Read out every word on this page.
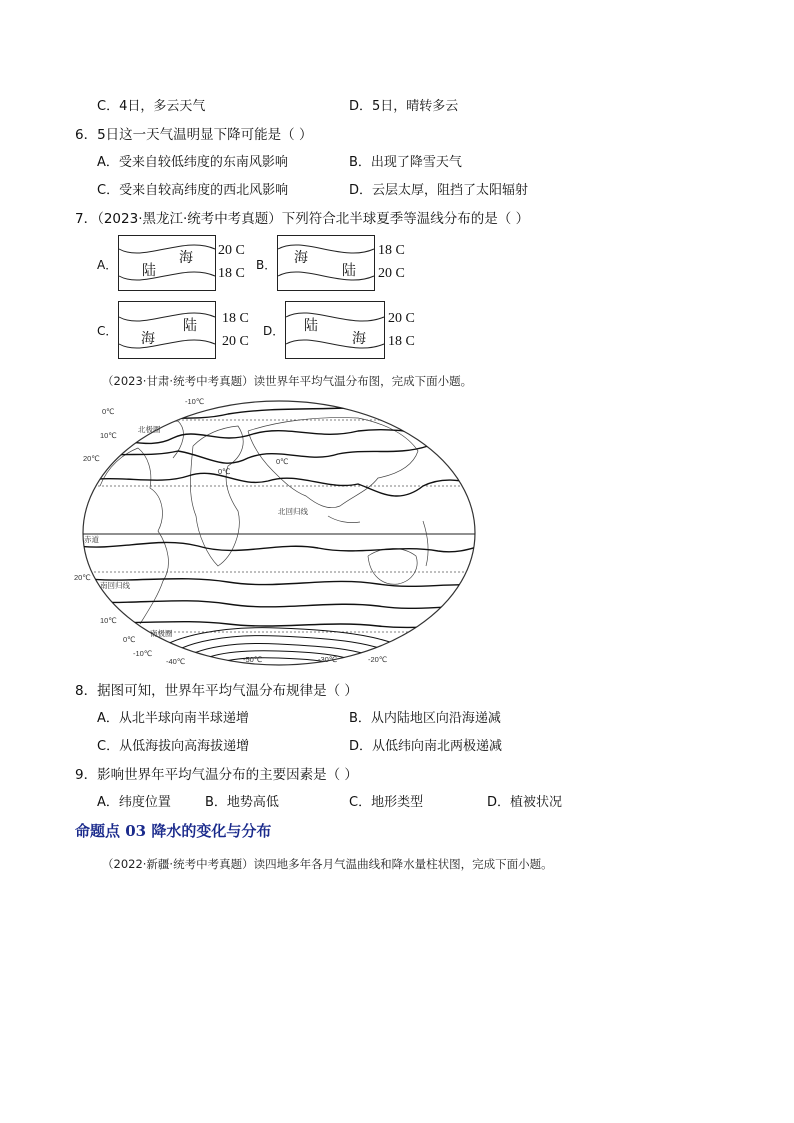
C．4日，多云天气	D．5日，晴转多云
6．5日这一天气温明显下降可能是（ ）
A．受来自较低纬度的东南风影响	B．出现了降雪天气
C．受来自较高纬度的西北风影响	D．云层太厚，阻挡了太阳辐射
7．（2023·黑龙江·统考中考真题）下列符合北半球夏季等温线分布的是（ ）
A． 陆
海 20 C
18 C
B． 海
陆
18 C
20 C
C． 海
陆 18 C
20 C
D． 陆
海
20 C
18 C
（2023·甘肃·统考中考真题）读世界年平均气温分布图，完成下面小题。
-10℃
0℃
10℃
20℃
北极圈
北回归线
赤道
20℃
南回归线
10℃
0℃
-10℃
南极圈
-40℃	-50℃	-30℃	-20℃
0℃
0℃
8．据图可知，世界年平均气温分布规律是（ ）
A．从北半球向南半球递增	B．从内陆地区向沿海递减
C．从低海拔向高海拔递增	D．从低纬向南北两极递减
9．影响世界年平均气温分布的主要因素是（ ）
A．纬度位置	B．地势高低	C．地形类型	D．植被状况
命题点 03 降水的变化与分布
（2022·新疆·统考中考真题）读四地多年各月气温曲线和降水量柱状图，完成下面小题。
